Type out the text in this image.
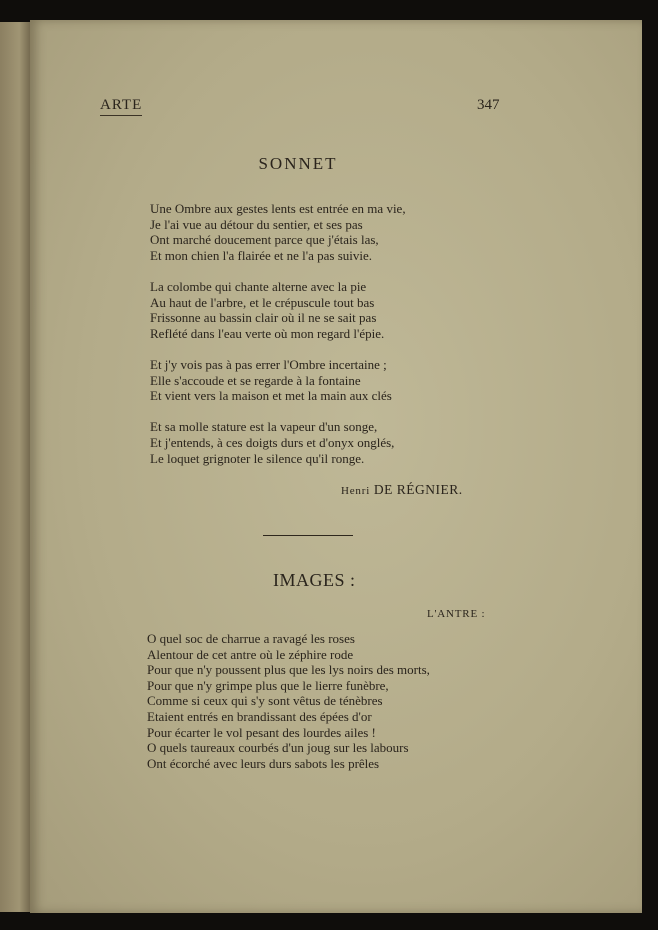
ARTE	347
SONNET
Une Ombre aux gestes lents est entrée en ma vie,
Je l'ai vue au détour du sentier, et ses pas
Ont marché doucement parce que j'étais las,
Et mon chien l'a flairée et ne l'a pas suivie.
La colombe qui chante alterne avec la pie
Au haut de l'arbre, et le crépuscule tout bas
Frissonne au bassin clair où il ne se sait pas
Reflété dans l'eau verte où mon regard l'épie.
Et j'y vois pas à pas errer l'Ombre incertaine ;
Elle s'accoude et se regarde à la fontaine
Et vient vers la maison et met la main aux clés
Et sa molle stature est la vapeur d'un songe,
Et j'entends, à ces doigts durs et d'onyx onglés,
Le loquet grignoter le silence qu'il ronge.
Henri DE RÉGNIER.
IMAGES :
L'ANTRE :
O quel soc de charrue a ravagé les roses
Alentour de cet antre où le zéphire rode
Pour que n'y poussent plus que les lys noirs des morts,
Pour que n'y grimpe plus que le lierre funèbre,
Comme si ceux qui s'y sont vêtus de ténèbres
Etaient entrés en brandissant des épées d'or
Pour écarter le vol pesant des lourdes ailes !
O quels taureaux courbés d'un joug sur les labours
Ont écorché avec leurs durs sabots les prêles
